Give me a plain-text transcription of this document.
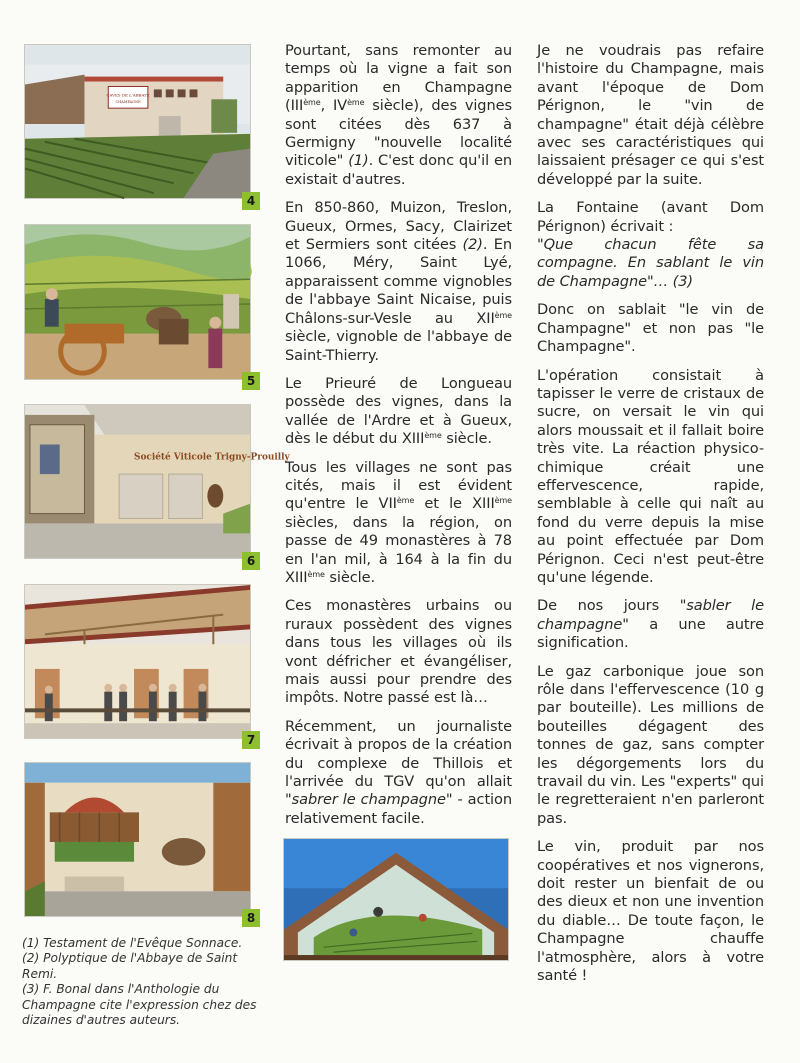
CAVES DE L'ABBAYE
CHAMPAGNE
4
5
Société Viticole Trigny-Prouilly
6
7
8

Pourtant, sans remonter au temps où la vigne a fait son apparition en Champagne (IIIème, IVème siècle), des vignes sont citées dès 637 à Germigny "nouvelle localité viticole" (1). C'est donc qu'il en existait d'autres.

En 850-860, Muizon, Treslon, Gueux, Ormes, Sacy, Clairizet et Sermiers sont citées (2). En 1066, Méry, Saint Lyé, apparaissent comme vignobles de l'abbaye Saint Nicaise, puis Châlons-sur-Vesle au XIIème siècle, vignoble de l'abbaye de Saint-Thierry.

Le Prieuré de Longueau possède des vignes, dans la vallée de l'Ardre et à Gueux, dès le début du XIIIème siècle.

Tous les villages ne sont pas cités, mais il est évident qu'entre le VIIème et le XIIIème siècles, dans la région, on passe de 49 monastères à 78 en l'an mil, à 164 à la fin du XIIIème siècle.

Ces monastères urbains ou ruraux possèdent des vignes dans tous les villages où ils vont défricher et évangéliser, mais aussi pour prendre des impôts. Notre passé est là…

Récemment, un journaliste écrivait à propos de la création du complexe de Thillois et l'arrivée du TGV qu'on allait "sabrer le champagne" - action relativement facile.

Je ne voudrais pas refaire l'histoire du Champagne, mais avant l'époque de Dom Pérignon, le "vin de champagne" était déjà célèbre avec ses caractéristiques qui laissaient présager ce qui s'est développé par la suite.

La Fontaine (avant Dom Pérignon) écrivait :
"Que chacun fête sa compagne. En sablant le vin de Champagne"… (3)

Donc on sablait "le vin de Champagne" et non pas "le Champagne".

L'opération consistait à tapisser le verre de cristaux de sucre, on versait le vin qui alors moussait et il fallait boire très vite. La réaction physico-chimique créait une effervescence, rapide, semblable à celle qui naît au fond du verre depuis la mise au point effectuée par Dom Pérignon. Ceci n'est peut-être qu'une légende.

De nos jours "sabler le champagne" a une autre signification.

Le gaz carbonique joue son rôle dans l'effervescence (10 g par bouteille). Les millions de bouteilles dégagent des tonnes de gaz, sans compter les dégorgements lors du travail du vin. Les "experts" qui le regretteraient n'en parleront pas.

Le vin, produit par nos coopératives et nos vignerons, doit rester un bienfait de ou des dieux et non une invention du diable… De toute façon, le Champagne chauffe l'atmosphère, alors à votre santé !

(1) Testament de l'Evêque Sonnace.
(2) Polyptique de l'Abbaye de Saint Remi.
(3) F. Bonal dans l'Anthologie du Champagne cite l'expression chez des dizaines d'autres auteurs.
